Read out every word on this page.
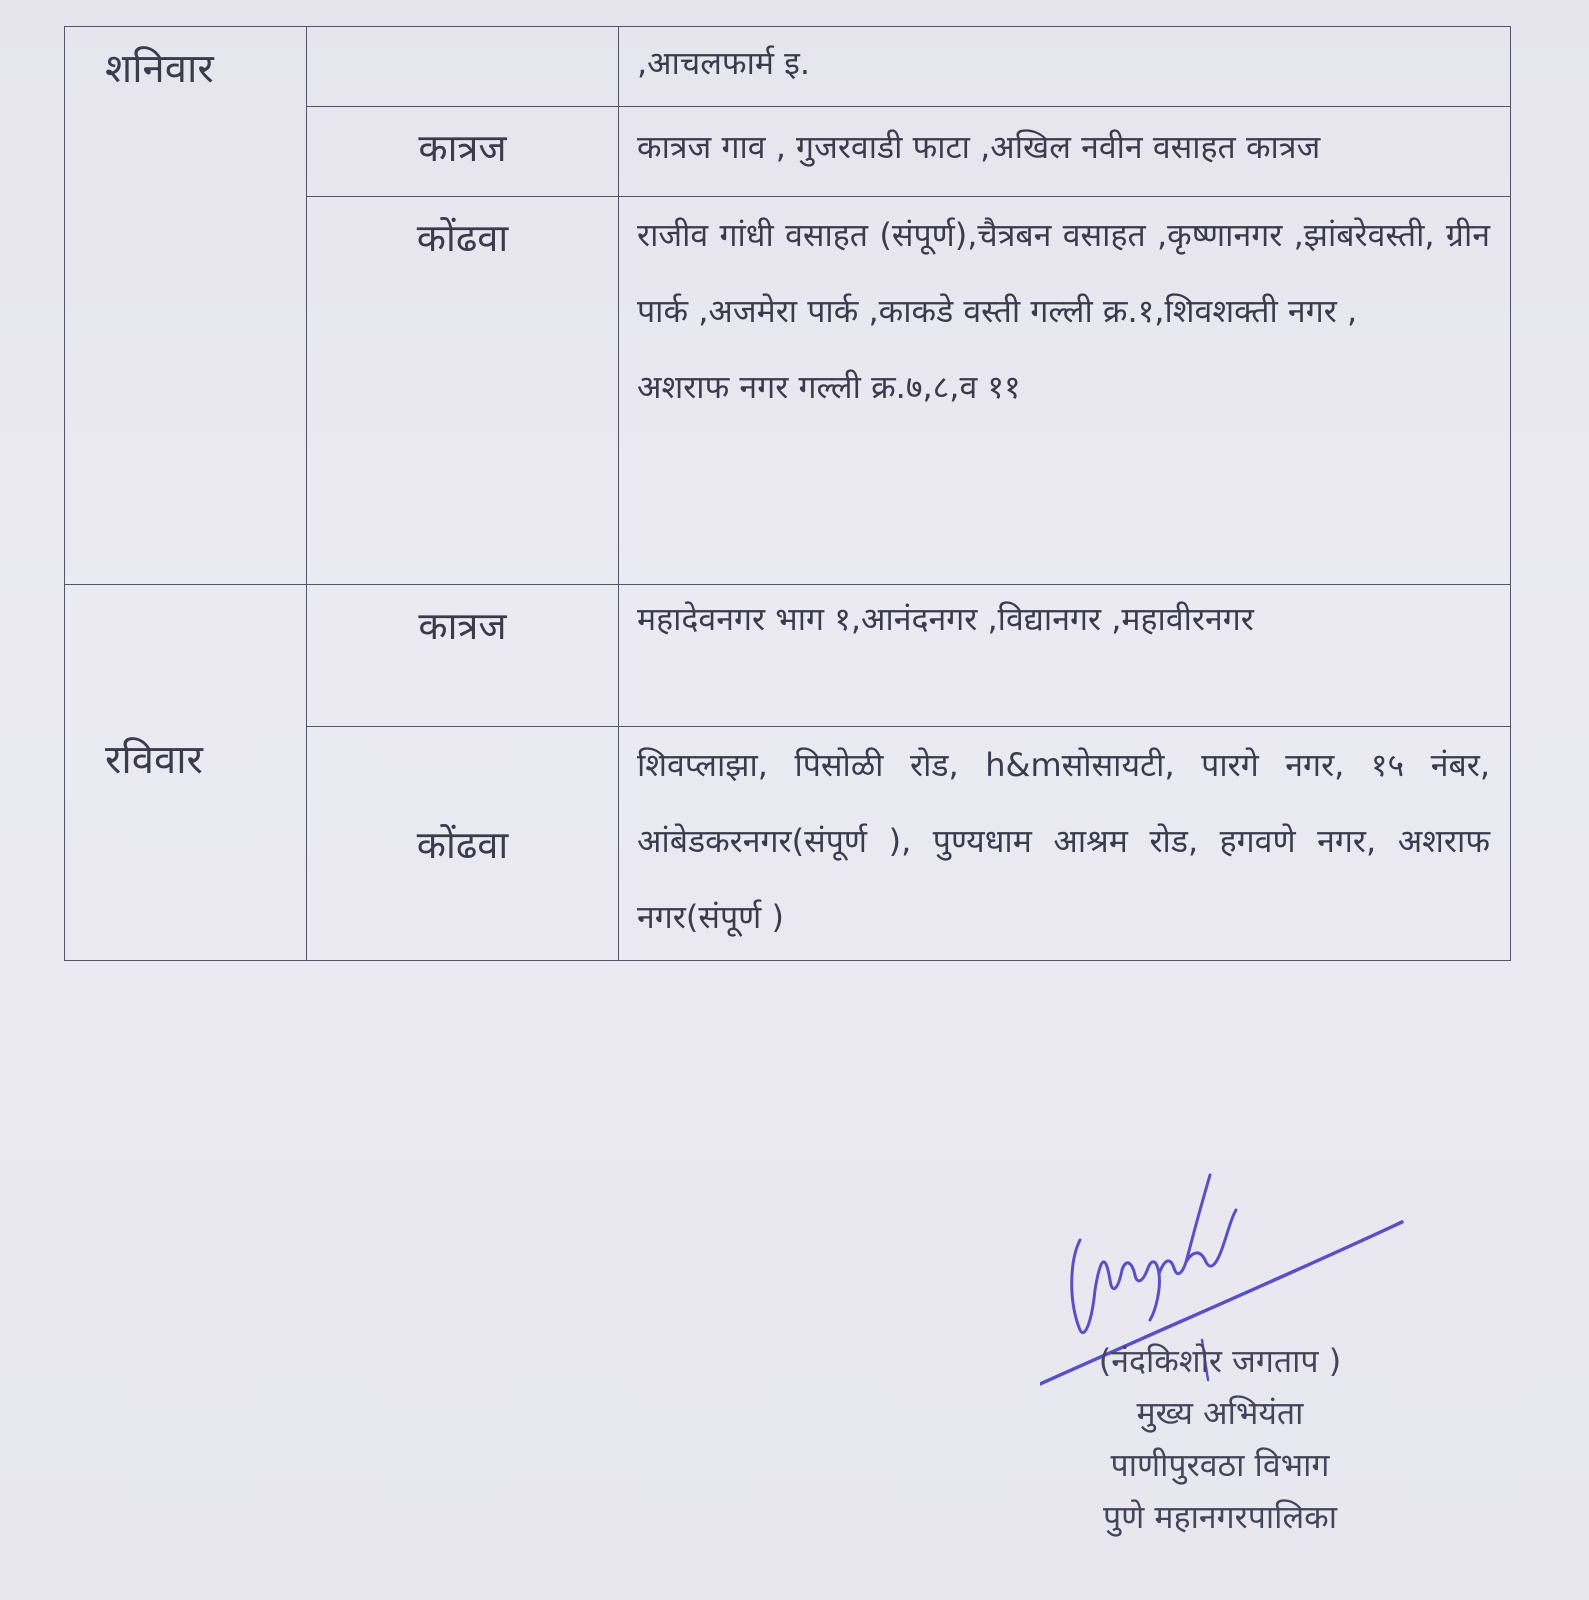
शनिवार		,आचलफार्म इ.
	कात्रज	कात्रज गाव , गुजरवाडी फाटा ,अखिल नवीन वसाहत कात्रज
	कोंढवा	राजीव गांधी वसाहत (संपूर्ण),चैत्रबन वसाहत ,कृष्णानगर ,झांबरेवस्ती, ग्रीन पार्क ,अजमेरा पार्क ,काकडे वस्ती गल्ली क्र.१,शिवशक्ती नगर ,

अशराफ नगर गल्ली क्र.७,८,व ११

रविवार	कात्रज	महादेवनगर भाग १,आनंदनगर ,विद्यानगर ,महावीरनगर
	कोंढवा	शिवप्लाझा, पिसोळी रोड, h&mसोसायटी, पारगे नगर, १५ नंबर, आंबेडकरनगर(संपूर्ण ), पुण्यधाम आश्रम रोड, हगवणे नगर, अशराफ नगर(संपूर्ण )
(नंदकिशोर जगताप )
मुख्य अभियंता
पाणीपुरवठा विभाग
पुणे महानगरपालिका
